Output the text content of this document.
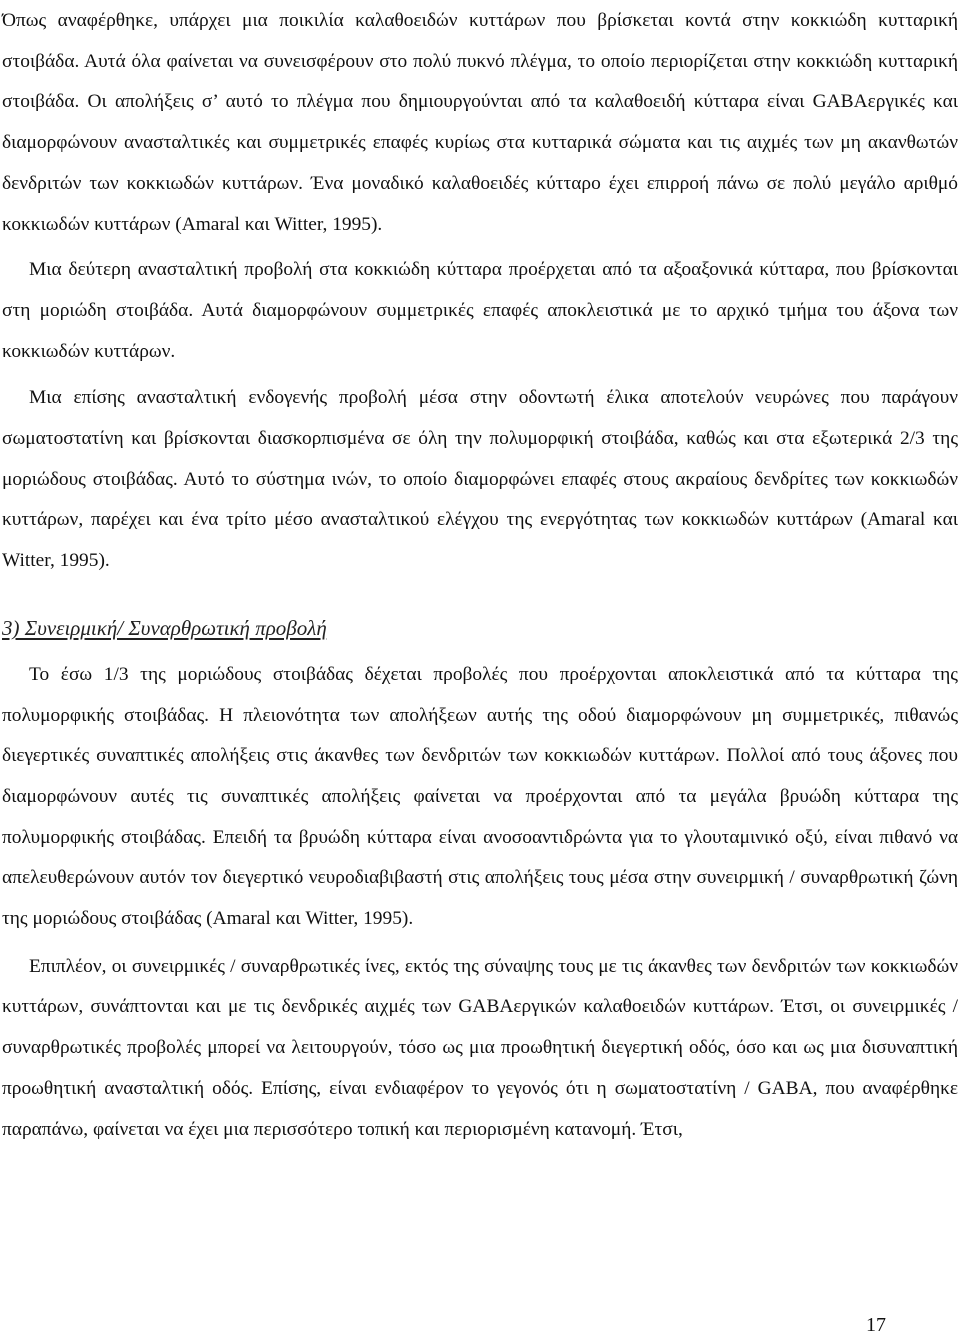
Όπως αναφέρθηκε, υπάρχει μια ποικιλία καλαθοειδών κυττάρων που βρίσκεται κοντά στην κοκκιώδη κυτταρική στοιβάδα. Αυτά όλα φαίνεται να συνεισφέρουν στο πολύ πυκνό πλέγμα, το οποίο περιορίζεται στην κοκκιώδη κυτταρική στοιβάδα. Οι απολήξεις σ’ αυτό το πλέγμα που δημιουργούνται από τα καλαθοειδή κύτταρα είναι GABAεργικές και διαμορφώνουν ανασταλτικές και συμμετρικές επαφές κυρίως στα κυτταρικά σώματα και τις αιχμές των μη ακανθωτών δενδριτών των κοκκιωδών κυττάρων. Ένα μοναδικό καλαθοειδές κύτταρο έχει επιρροή πάνω σε πολύ μεγάλο αριθμό κοκκιωδών κυττάρων (Amaral και Witter, 1995).

Μια δεύτερη ανασταλτική προβολή στα κοκκιώδη κύτταρα προέρχεται από τα αξοαξονικά κύτταρα, που βρίσκονται στη μοριώδη στοιβάδα. Αυτά διαμορφώνουν συμμετρικές επαφές αποκλειστικά με το αρχικό τμήμα του άξονα των κοκκιωδών κυττάρων.

Μια επίσης ανασταλτική ενδογενής προβολή μέσα στην οδοντωτή έλικα αποτελούν νευρώνες που παράγουν σωματοστατίνη και βρίσκονται διασκορπισμένα σε όλη την πολυμορφική στοιβάδα, καθώς και στα εξωτερικά 2/3 της μοριώδους στοιβάδας. Αυτό το σύστημα ινών, το οποίο διαμορφώνει επαφές στους ακραίους δενδρίτες των κοκκιωδών κυττάρων, παρέχει και ένα τρίτο μέσο ανασταλτικού ελέγχου της ενεργότητας των κοκκιωδών κυττάρων (Amaral και Witter, 1995).

3) Συνειρμική/ Συναρθρωτική προβολή

Το έσω 1/3 της μοριώδους στοιβάδας δέχεται προβολές που προέρχονται αποκλειστικά από τα κύτταρα της πολυμορφικής στοιβάδας. Η πλειονότητα των απολήξεων αυτής της οδού διαμορφώνουν μη συμμετρικές, πιθανώς διεγερτικές συναπτικές απολήξεις στις άκανθες των δενδριτών των κοκκιωδών κυττάρων. Πολλοί από τους άξονες που διαμορφώνουν αυτές τις συναπτικές απολήξεις φαίνεται να προέρχονται από τα μεγάλα βρυώδη κύτταρα της πολυμορφικής στοιβάδας. Επειδή τα βρυώδη κύτταρα είναι ανοσοαντιδρώντα για το γλουταμινικό οξύ, είναι πιθανό να απελευθερώνουν αυτόν τον διεγερτικό νευροδιαβιβαστή στις απολήξεις τους μέσα στην συνειρμική / συναρθρωτική ζώνη της μοριώδους στοιβάδας (Amaral και Witter, 1995).

Επιπλέον, οι συνειρμικές / συναρθρωτικές ίνες, εκτός της σύναψης τους με τις άκανθες των δενδριτών των κοκκιωδών κυττάρων, συνάπτονται και με τις δενδρικές αιχμές των GABAεργικών καλαθοειδών κυττάρων. Έτσι, οι συνειρμικές / συναρθρωτικές προβολές μπορεί να λειτουργούν, τόσο ως μια προωθητική διεγερτική οδός, όσο και ως μια δισυναπτική προωθητική ανασταλτική οδός. Επίσης, είναι ενδιαφέρον το γεγονός ότι η σωματοστατίνη / GABA, που αναφέρθηκε παραπάνω, φαίνεται να έχει μια περισσότερο τοπική και περιορισμένη κατανομή. Έτσι,

17
